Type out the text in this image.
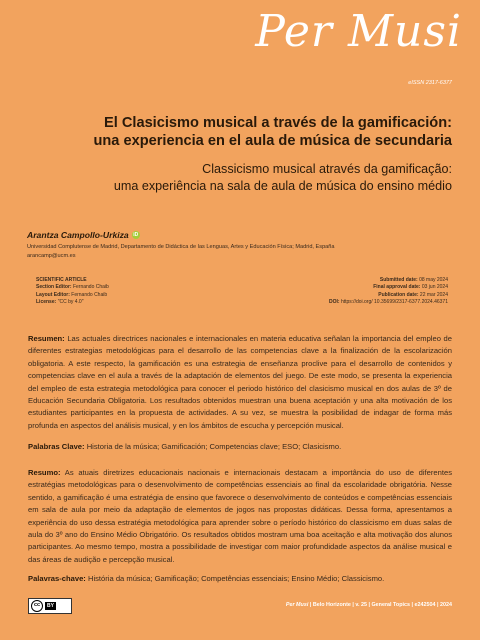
Per Musi
eISSN 2317-6377
El Clasicismo musical a través de la gamificación:
una experiencia en el aula de música de secundaria
Classicismo musical através da gamificação:
uma experiência na sala de aula de música do ensino médio
Arantza Campollo-Urkiza iD
Universidad Complutense de Madrid, Departamento de Didáctica de las Lenguas, Artes y Educación Física; Madrid, España
arancamp@ucm.es
SCIENTIFIC ARTICLE
Section Editor: Fernando Chaib
Layout Editor: Fernando Chaib
License: "CC by 4.0"
Submitted date: 08 may 2024
Final approval date: 03 jun 2024
Publication date: 22 mar 2024
DOI: https://doi.org/ 10.35699/2317-6377.2024.46371
Resumen: Las actuales directrices nacionales e internacionales en materia educativa señalan la importancia del empleo de diferentes estrategias metodológicas para el desarrollo de las competencias clave a la finalización de la escolarización obligatoria. A este respecto, la gamificación es una estrategia de enseñanza proclive para el desarrollo de contenidos y competencias clave en el aula a través de la adaptación de elementos del juego. De este modo, se presenta la experiencia del empleo de esta estrategia metodológica para conocer el periodo histórico del clasicismo musical en dos aulas de 3º de Educación Secundaria Obligatoria. Los resultados obtenidos muestran una buena aceptación y una alta motivación de los estudiantes participantes en la propuesta de actividades. A su vez, se muestra la posibilidad de indagar de forma más profunda en aspectos del análisis musical, y en los ámbitos de escucha y percepción musical.
Palabras Clave: Historia de la música; Gamificación; Competencias clave; ESO; Clasicismo.
Resumo: As atuais diretrizes educacionais nacionais e internacionais destacam a importância do uso de diferentes estratégias metodológicas para o desenvolvimento de competências essenciais ao final da escolaridade obrigatória. Nesse sentido, a gamificação é uma estratégia de ensino que favorece o desenvolvimento de conteúdos e competências essenciais em sala de aula por meio da adaptação de elementos de jogos nas propostas didáticas. Dessa forma, apresentamos a experiência do uso dessa estratégia metodológica para aprender sobre o período histórico do classicismo em duas salas de aula do 3º ano do Ensino Médio Obrigatório. Os resultados obtidos mostram uma boa aceitação e alta motivação dos alunos participantes. Ao mesmo tempo, mostra a possibilidade de investigar com maior profundidade aspectos da análise musical e das áreas de audição e percepção musical.
Palavras-chave: História da música; Gamificação; Competências essenciais; Ensino Médio; Classicismo.
cc	BY	Per Musi | Belo Horizonte | v. 25 | General Topics | e242504 | 2024
